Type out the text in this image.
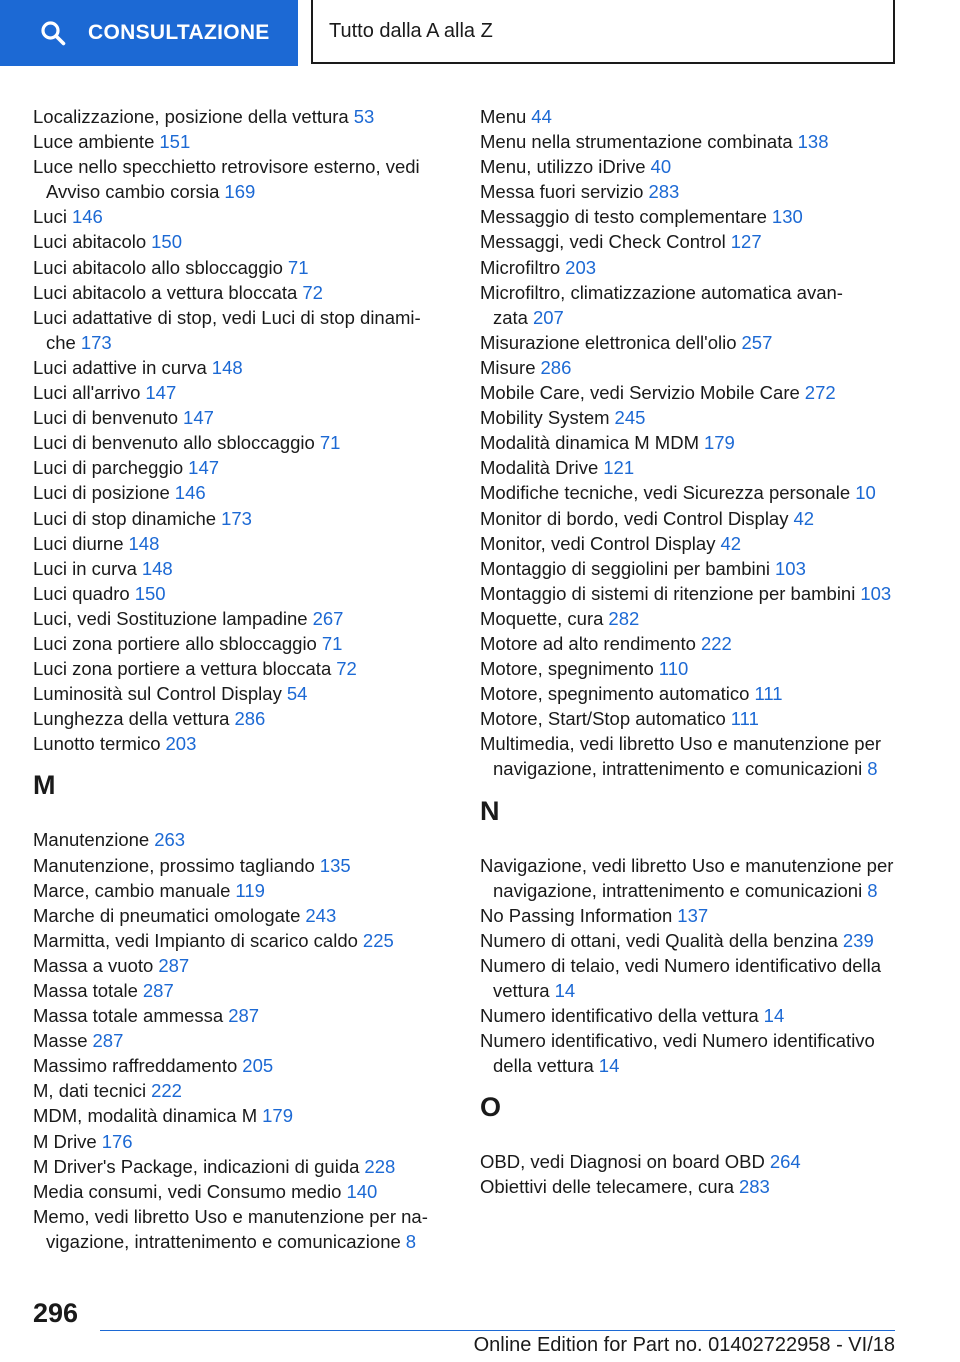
CONSULTAZIONE	Tutto dalla A alla Z
Localizzazione, posizione della vettura 53
Luce ambiente 151
Luce nello specchietto retrovisore esterno, vedi Avviso cambio corsia 169
Luci 146
Luci abitacolo 150
Luci abitacolo allo sbloccaggio 71
Luci abitacolo a vettura bloccata 72
Luci adattative di stop, vedi Luci di stop dinamiche 173
Luci adattive in curva 148
Luci all'arrivo 147
Luci di benvenuto 147
Luci di benvenuto allo sbloccaggio 71
Luci di parcheggio 147
Luci di posizione 146
Luci di stop dinamiche 173
Luci diurne 148
Luci in curva 148
Luci quadro 150
Luci, vedi Sostituzione lampadine 267
Luci zona portiere allo sbloccaggio 71
Luci zona portiere a vettura bloccata 72
Luminosità sul Control Display 54
Lunghezza della vettura 286
Lunotto termico 203
M
Manutenzione 263
Manutenzione, prossimo tagliando 135
Marce, cambio manuale 119
Marche di pneumatici omologate 243
Marmitta, vedi Impianto di scarico caldo 225
Massa a vuoto 287
Massa totale 287
Massa totale ammessa 287
Masse 287
Massimo raffreddamento 205
M, dati tecnici 222
MDM, modalità dinamica M 179
M Drive 176
M Driver's Package, indicazioni di guida 228
Media consumi, vedi Consumo medio 140
Memo, vedi libretto Uso e manutenzione per navigazione, intrattenimento e comunicazione 8
Menu 44
Menu nella strumentazione combinata 138
Menu, utilizzo iDrive 40
Messa fuori servizio 283
Messaggio di testo complementare 130
Messaggi, vedi Check Control 127
Microfiltro 203
Microfiltro, climatizzazione automatica avanzata 207
Misurazione elettronica dell'olio 257
Misure 286
Mobile Care, vedi Servizio Mobile Care 272
Mobility System 245
Modalità dinamica M MDM 179
Modalità Drive 121
Modifiche tecniche, vedi Sicurezza personale 10
Monitor di bordo, vedi Control Display 42
Monitor, vedi Control Display 42
Montaggio di seggiolini per bambini 103
Montaggio di sistemi di ritenzione per bambini 103
Moquette, cura 282
Motore ad alto rendimento 222
Motore, spegnimento 110
Motore, spegnimento automatico 111
Motore, Start/Stop automatico 111
Multimedia, vedi libretto Uso e manutenzione per navigazione, intrattenimento e comunicazioni 8
N
Navigazione, vedi libretto Uso e manutenzione per navigazione, intrattenimento e comunicazioni 8
No Passing Information 137
Numero di ottani, vedi Qualità della benzina 239
Numero di telaio, vedi Numero identificativo della vettura 14
Numero identificativo della vettura 14
Numero identificativo, vedi Numero identificativo della vettura 14
O
OBD, vedi Diagnosi on board OBD 264
Obiettivi delle telecamere, cura 283
296
Online Edition for Part no. 01402722958 - VI/18
